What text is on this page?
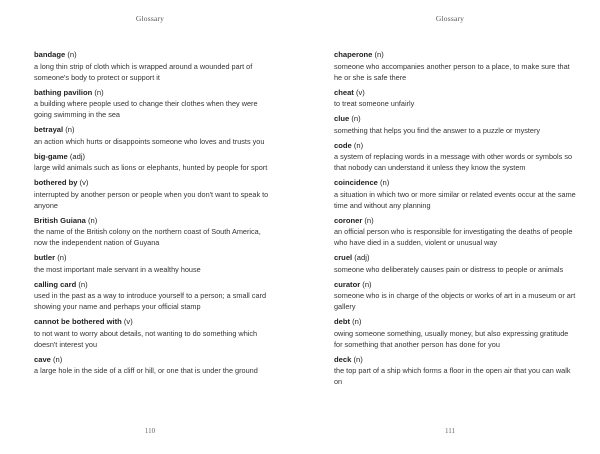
Glossary
bandage (n)
a long thin strip of cloth which is wrapped around a wounded part of someone's body to protect or support it
bathing pavilion (n)
a building where people used to change their clothes when they were going swimming in the sea
betrayal (n)
an action which hurts or disappoints someone who loves and trusts you
big-game (adj)
large wild animals such as lions or elephants, hunted by people for sport
bothered by (v)
interrupted by another person or people when you don't want to speak to anyone
British Guiana (n)
the name of the British colony on the northern coast of South America, now the independent nation of Guyana
butler (n)
the most important male servant in a wealthy house
calling card (n)
used in the past as a way to introduce yourself to a person; a small card showing your name and perhaps your official stamp
cannot be bothered with (v)
to not want to worry about details, not wanting to do something which doesn't interest you
cave (n)
a large hole in the side of a cliff or hill, or one that is under the ground
110
Glossary
chaperone (n)
someone who accompanies another person to a place, to make sure that he or she is safe there
cheat (v)
to treat someone unfairly
clue (n)
something that helps you find the answer to a puzzle or mystery
code (n)
a system of replacing words in a message with other words or symbols so that nobody can understand it unless they know the system
coincidence (n)
a situation in which two or more similar or related events occur at the same time and without any planning
coroner (n)
an official person who is responsible for investigating the deaths of people who have died in a sudden, violent or unusual way
cruel (adj)
someone who deliberately causes pain or distress to people or animals
curator (n)
someone who is in charge of the objects or works of art in a museum or art gallery
debt (n)
owing someone something, usually money, but also expressing gratitude for something that another person has done for you
deck (n)
the top part of a ship which forms a floor in the open air that you can walk on
111
